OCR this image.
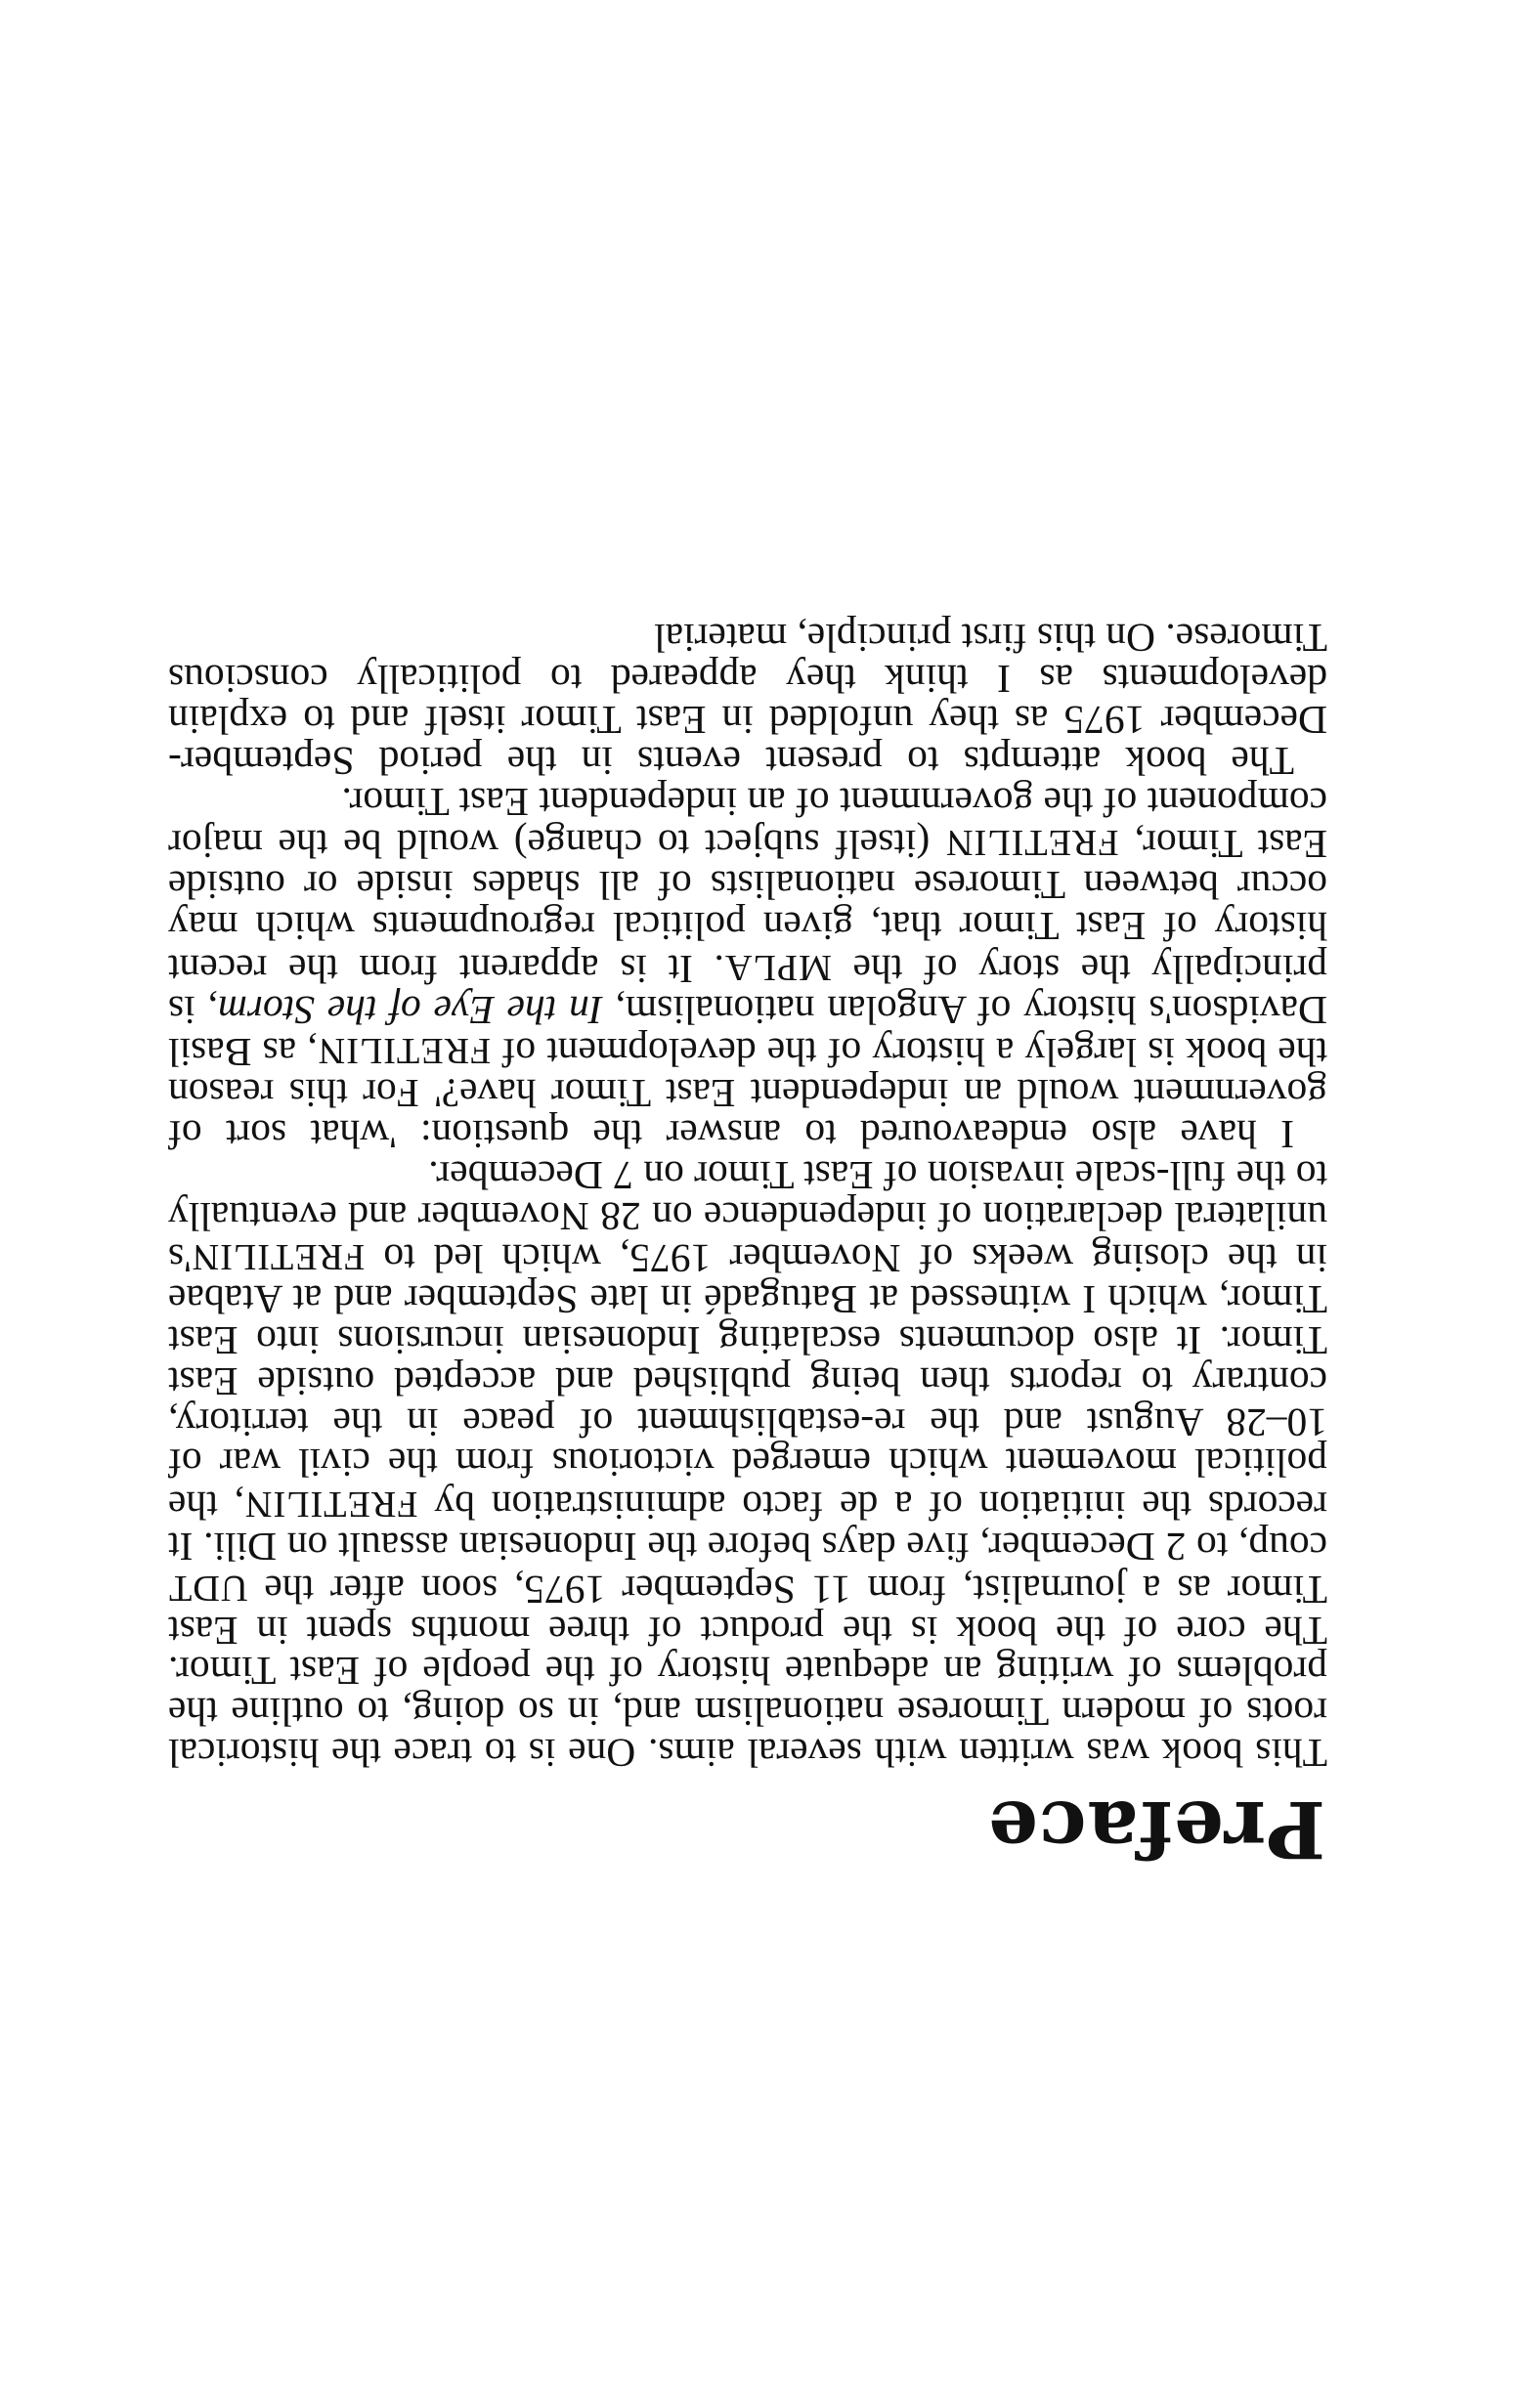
Preface

This book was written with several aims. One is to trace the historical roots of modern Timorese nationalism and, in so doing, to outline the problems of writing an adequate history of the people of East Timor. The core of the book is the product of three months spent in East Timor as a journalist, from 11 September 1975, soon after the UDT coup, to 2 December, five days before the Indonesian assault on Dili. It records the initiation of a de facto administration by FRETILIN, the political movement which emerged victorious from the civil war of 10–28 August and the re-establishment of peace in the territory, contrary to reports then being published and accepted outside East Timor. It also documents escalating Indonesian incursions into East Timor, which I witnessed at Batugadé in late September and at Atabae in the closing weeks of November 1975, which led to FRETILIN's unilateral declaration of independence on 28 November and eventually to the full-scale invasion of East Timor on 7 December.

I have also endeavoured to answer the question: 'what sort of government would an independent East Timor have?' For this reason the book is largely a history of the development of FRETILIN, as Basil Davidson's history of Angolan nationalism, In the Eye of the Storm, is principally the story of the MPLA. It is apparent from the recent history of East Timor that, given political regroupments which may occur between Timorese nationalists of all shades inside or outside East Timor, FRETILIN (itself subject to change) would be the major component of the government of an independent East Timor.

The book attempts to present events in the period September-December 1975 as they unfolded in East Timor itself and to explain developments as I think they appeared to politically conscious Timorese. On this first principle, material
